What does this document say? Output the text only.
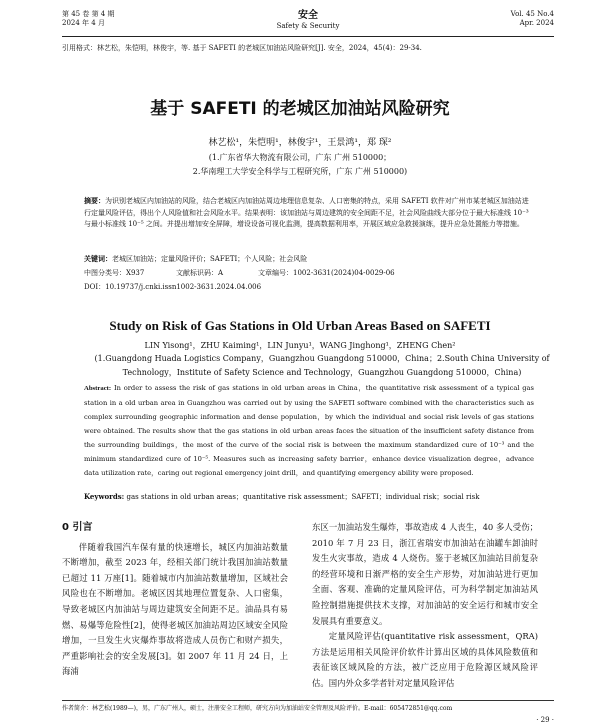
第 45 卷 第 4 期
2024 年 4 月
安全
Safety & Security
Vol. 45 No.4
Apr. 2024
引用格式：林艺松，朱恺明，林俊宇，等. 基于 SAFETI 的老城区加油站风险研究[J]. 安全，2024，45(4)：29-34.
基于 SAFETI 的老城区加油站风险研究
林艺松¹，朱恺明¹，林俊宇¹，王景鸿¹，郑 琛²
(1.广东省华大物流有限公司，广东 广州 510000；
2.华南理工大学安全科学与工程研究所，广东 广州 510000)
摘要：为识别老城区内加油站的风险，结合老城区内加油站周边地理信息复杂、人口密集的特点，采用 SAFETI 软件对广州市某老城区加油站进行定量风险评估，得出个人风险值和社会风险水平。结果表明：该加油站与周边建筑的安全间距不足，社会风险曲线大部分位于最大标准线 10⁻³ 与最小标准线 10⁻⁵ 之间。并提出增加安全屏障，增设设备可视化监测，提高数据利用率，开展区域应急救援演练，提升应急处置能力等措施。
关键词：老城区加油站；定量风险评价；SAFETI；个人风险；社会风险
中图分类号：X937	文献标识码：A	文章编号：1002-3631(2024)04-0029-06
DOI：10.19737/j.cnki.issn1002-3631.2024.04.006
Study on Risk of Gas Stations in Old Urban Areas Based on SAFETI
LIN Yisong¹，ZHU Kaiming¹，LIN Junyu¹，WANG Jinghong¹，ZHENG Chen²
(1.Guangdong Huada Logistics Company，Guangzhou Guangdong 510000，China；2.South China University of Technology，Institute of Safety Science and Technology，Guangzhou Guangdong 510000，China)
Abstract: In order to assess the risk of gas stations in old urban areas in China，the quantitative risk assessment of a typical gas station in a old urban area in Guangzhou was carried out by using the SAFETI software combined with the characteristics such as complex surrounding geographic information and dense population，by which the individual and social risk levels of gas stations were obtained. The results show that the gas stations in old urban areas faces the situation of the insufficient safety distance from the surrounding buildings，the most of the curve of the social risk is between the maximum standardized cure of 10⁻³ and the minimum standardized cure of 10⁻⁵. Measures such as increasing safety barrier，enhance device visualization degree，advance data utilization rate，caring out regional emergency joint drill，and quantifying emergency ability were proposed.
Keywords: gas stations in old urban areas；quantitative risk assessment；SAFETI；individual risk；social risk
0 引言

伴随着我国汽车保有量的快速增长，城区内加油站数量不断增加，截至 2023 年，经相关部门统计我国加油站数量已超过 11 万座[1]。随着城市内加油站数量增加，区域社会风险也在不断增加。老城区因其地理位置复杂、人口密集，导致老城区内加油站与周边建筑安全间距不足。油品具有易燃、易爆等危险性[2]，使得老城区加油站周边区域安全风险增加，一旦发生火灾爆炸事故将造成人员伤亡和财产损失，严重影响社会的安全发展[3]。如 2007 年 11 月 24 日，上海浦

东区一加油站发生爆炸，事故造成 4 人丧生，40 多人受伤；2010 年 7 月 23 日，浙江省瑞安市加油站在油罐车卸油时发生火灾事故，造成 4 人烧伤。鉴于老城区加油站目前复杂的经营环境和日渐严格的安全生产形势，对加油站进行更加全面、客观、准确的定量风险评估，可为科学制定加油站风险控制措施提供技术支撑，对加油站的安全运行和城市安全发展具有重要意义。

定量风险评估(quantitative risk assessment，QRA)方法是运用相关风险评价软件计算出区域的具体风险数值和表征该区域风险的方法，被广泛应用于危险源区域风险评估。国内外众多学者针对定量风险评估

作者简介：林艺松(1989—)，男，广东广州人，硕士，注册安全工程师，研究方向为加油站安全管理及风险评价。E-mail：605472851@qq.com
· 29 ·
